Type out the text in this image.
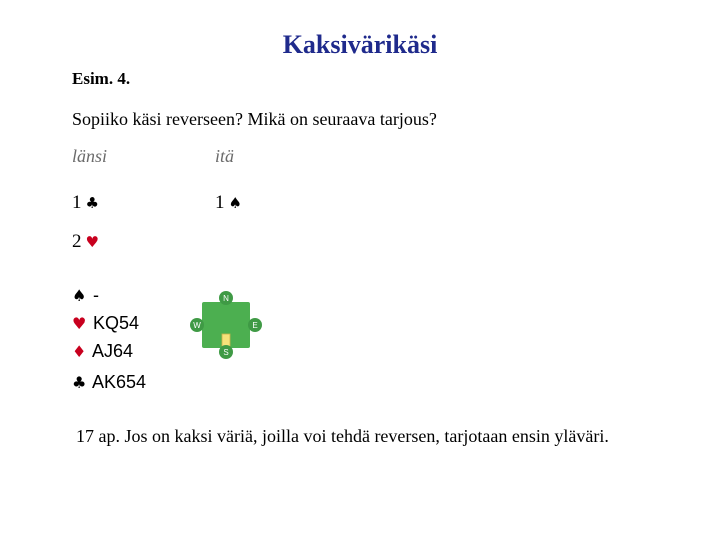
Kaksivärikäsi
Esim. 4.
Sopiiko käsi reverseen? Mikä on seuraava tarjous?
länsi	itä
1 ♣	1 ♠
2 ♥
♠ -
♥ KQ54
♦ AJ64
♣ AK654
N
S
W	E
17 ap. Jos on kaksi väriä, joilla voi tehdä reversen, tarjotaan ensin yläväri.
